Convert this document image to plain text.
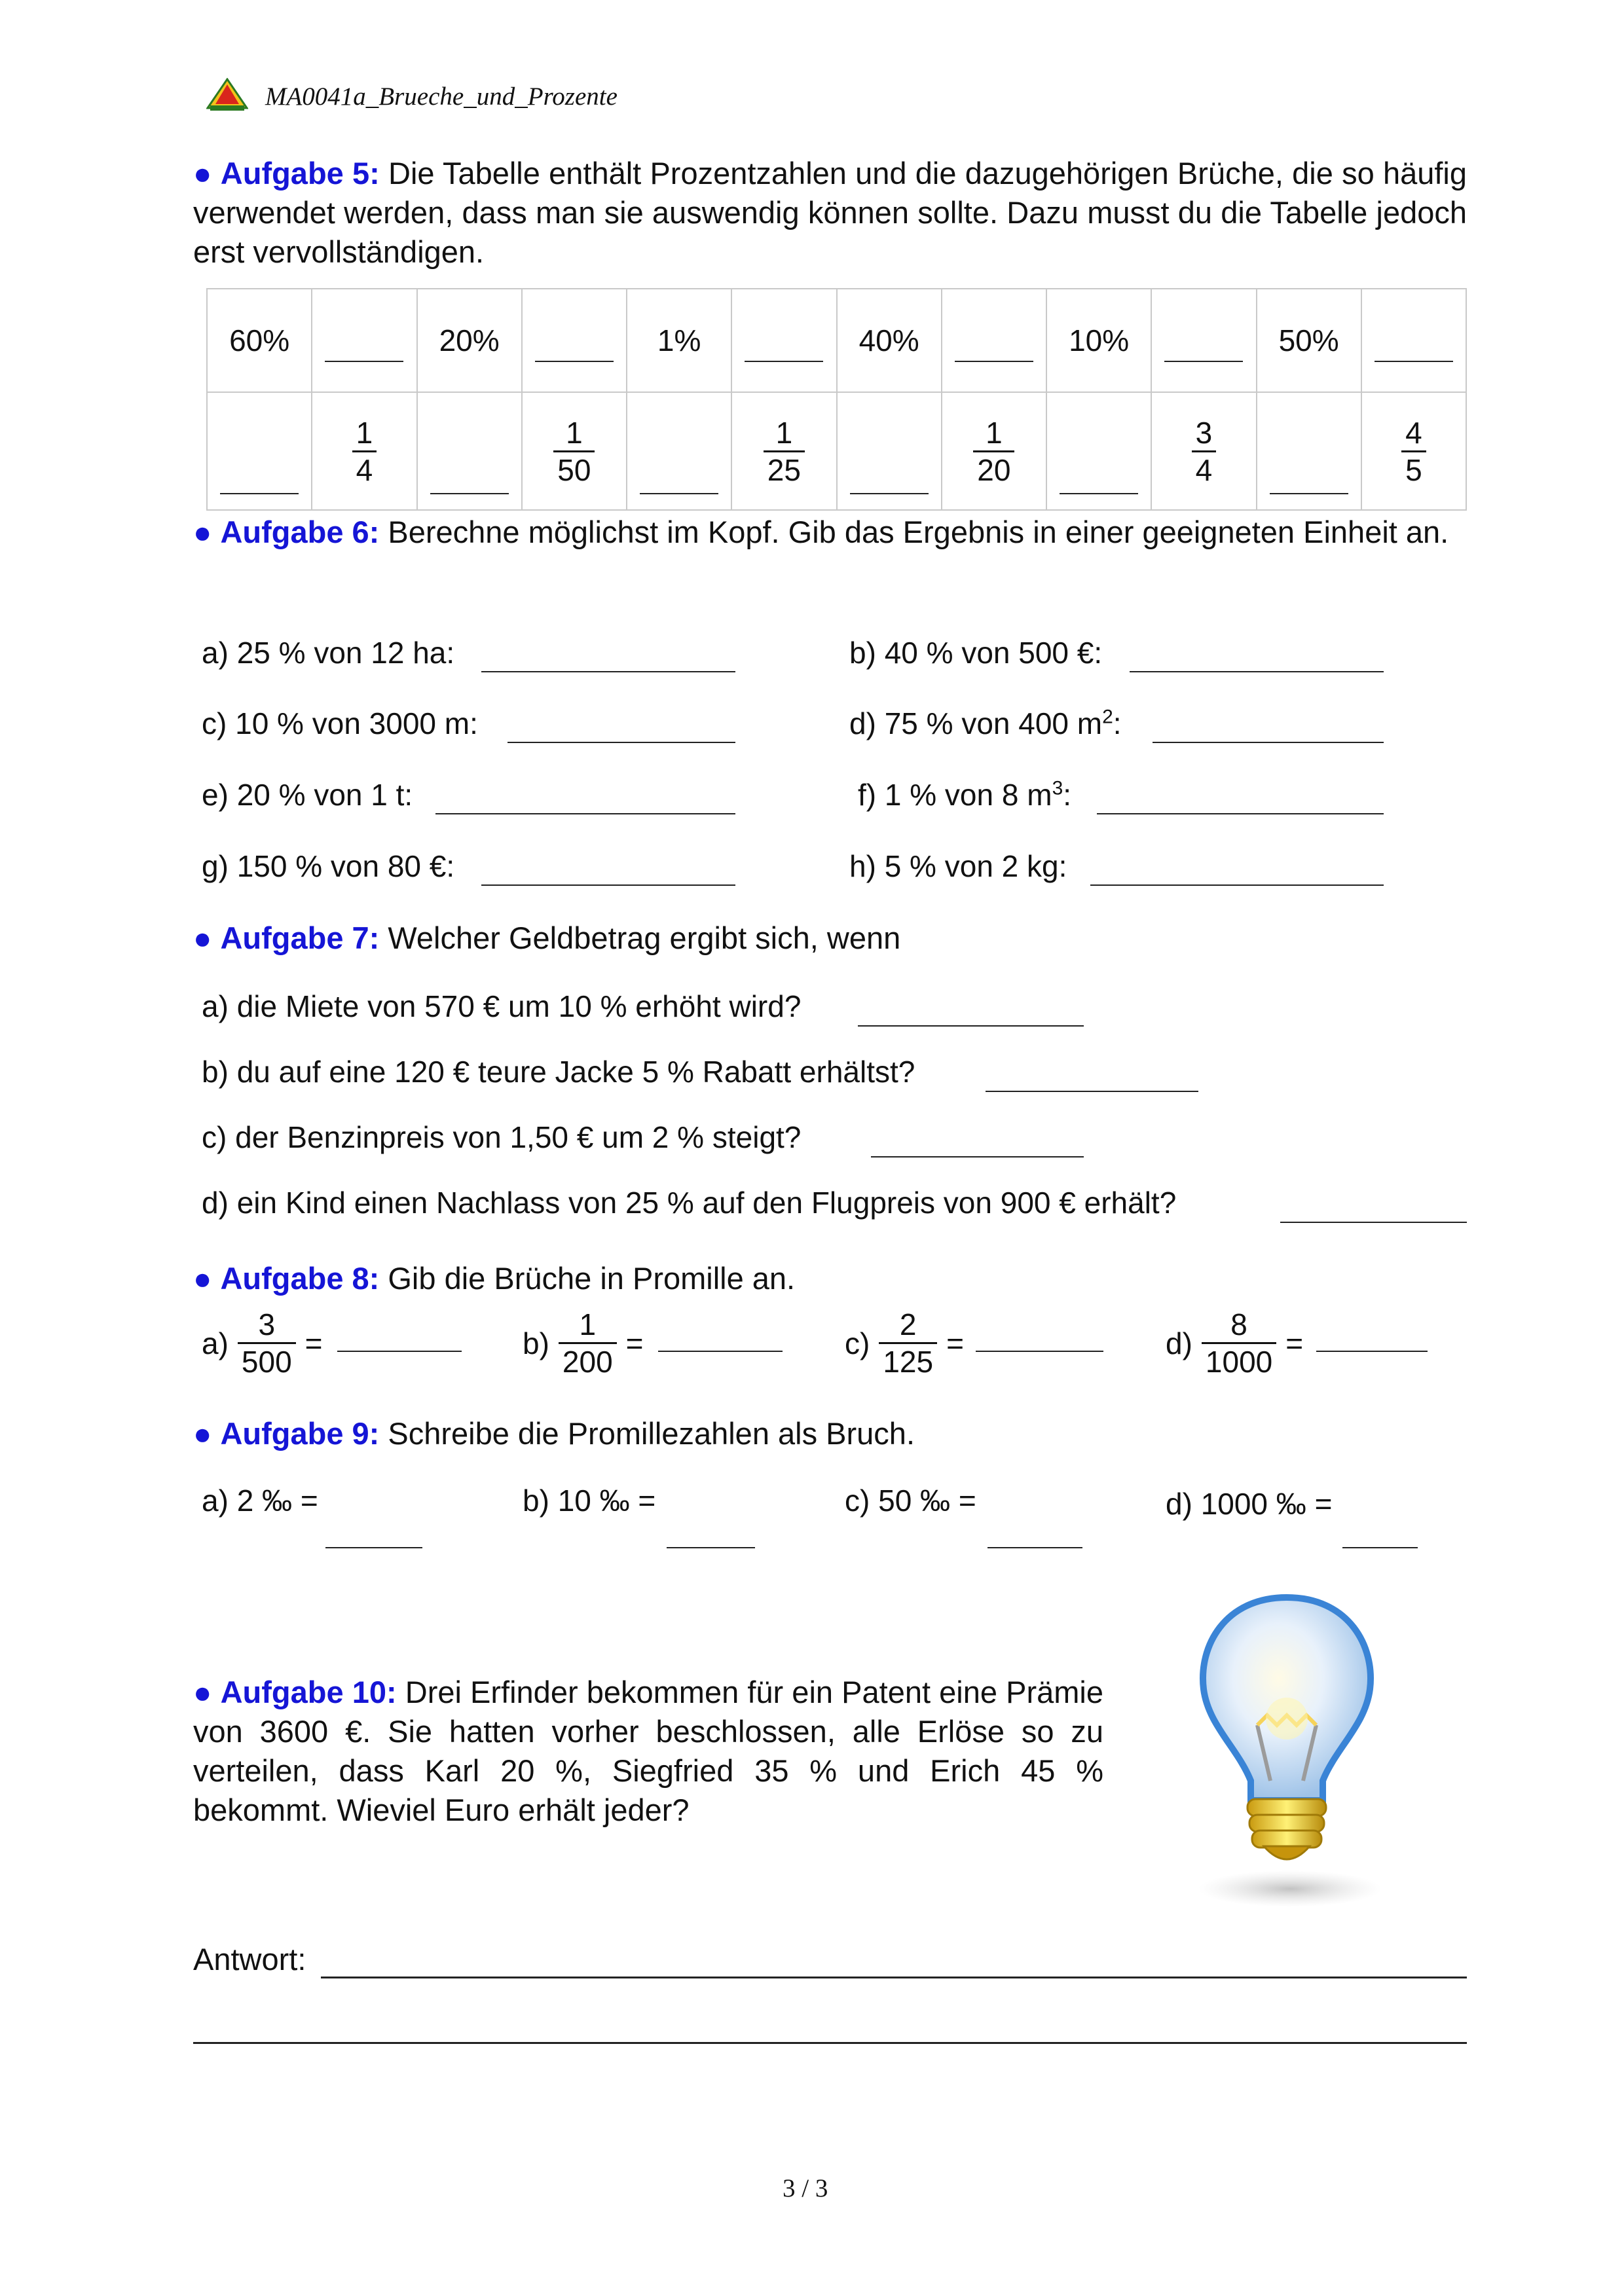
MA0041a_Brueche_und_Prozente
● Aufgabe 5: Die Tabelle enthält Prozentzahlen und die dazugehörigen Brüche, die so häufig verwendet werden, dass man sie auswendig können sollte. Dazu musst du die Tabelle jedoch erst vervollständigen.
60%		20%		1%		40%		10%		50%	

	$\frac{1}{4}$		$\frac{1}{50}$		$\frac{1}{25}$		$\frac{1}{20}$		$\frac{3}{4}$		$\frac{4}{5}$
● Aufgabe 6: Berechne möglichst im Kopf. Gib das Ergebnis in einer geeigneten Einheit an.
a) 25 % von 12 ha:	b) 40 % von 500 €:
c) 10 % von 3000 m:	d) 75 % von 400 $m^2$:
e) 20 % von 1 t:	f) 1 % von 8 $m^3$:
g) 150 % von 80 €:	h) 5 % von 2 kg:
● Aufgabe 7: Welcher Geldbetrag ergibt sich, wenn
a) die Miete von 570 € um 10 % erhöht wird?
b) du auf eine 120 € teure Jacke 5 % Rabatt erhältst?
c) der Benzinpreis von 1,50 € um 2 % steigt?
d) ein Kind einen Nachlass von 25 % auf den Flugpreis von 900 € erhält?
● Aufgabe 8: Gib die Brüche in Promille an.
$a) \frac{3}{500}$ =	$b) \frac{1}{200}$ =	$c) \frac{2}{125}$ =	$d) \frac{8}{1000}$ =
● Aufgabe 9: Schreibe die Promillezahlen als Bruch.
a) 2 ‰ =	b) 10 ‰ =	c) 50 ‰ =	d) 1000 ‰ =
● Aufgabe 10: Drei Erfinder bekommen für ein Patent eine Prämie von 3600 €. Sie hatten vorher beschlossen, alle Erlöse so zu verteilen, dass Karl 20 %, Siegfried 35 % und Erich 45 % bekommt. Wieviel Euro erhält jeder?
Antwort:
3 / 3
